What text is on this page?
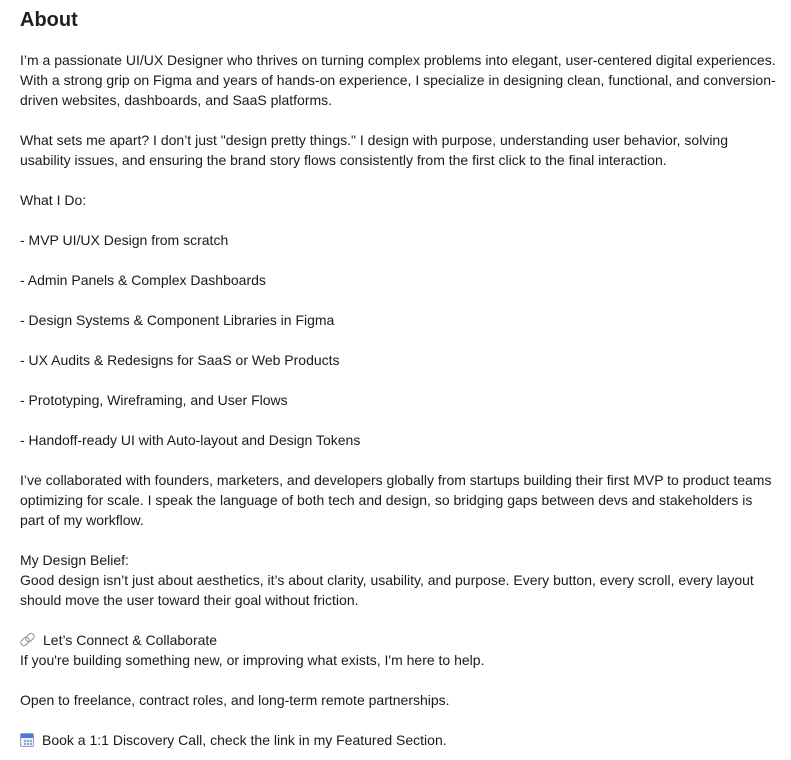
About

I’m a passionate UI/UX Designer who thrives on turning complex problems into elegant, user-centered digital experiences. With a strong grip on Figma and years of hands-on experience, I specialize in designing clean, functional, and conversion-driven websites, dashboards, and SaaS platforms.

What sets me apart? I don’t just "design pretty things." I design with purpose, understanding user behavior, solving usability issues, and ensuring the brand story flows consistently from the first click to the final interaction.

What I Do:

- MVP UI/UX Design from scratch

- Admin Panels & Complex Dashboards

- Design Systems & Component Libraries in Figma

- UX Audits & Redesigns for SaaS or Web Products

- Prototyping, Wireframing, and User Flows

- Handoff-ready UI with Auto-layout and Design Tokens

I’ve collaborated with founders, marketers, and developers globally from startups building their first MVP to product teams optimizing for scale. I speak the language of both tech and design, so bridging gaps between devs and stakeholders is part of my workflow.

My Design Belief:

Good design isn’t just about aesthetics, it’s about clarity, usability, and purpose. Every button, every scroll, every layout should move the user toward their goal without friction.

Let’s Connect & Collaborate

If you're building something new, or improving what exists, I'm here to help.

Open to freelance, contract roles, and long-term remote partnerships.

Book a 1:1 Discovery Call, check the link in my Featured Section.
